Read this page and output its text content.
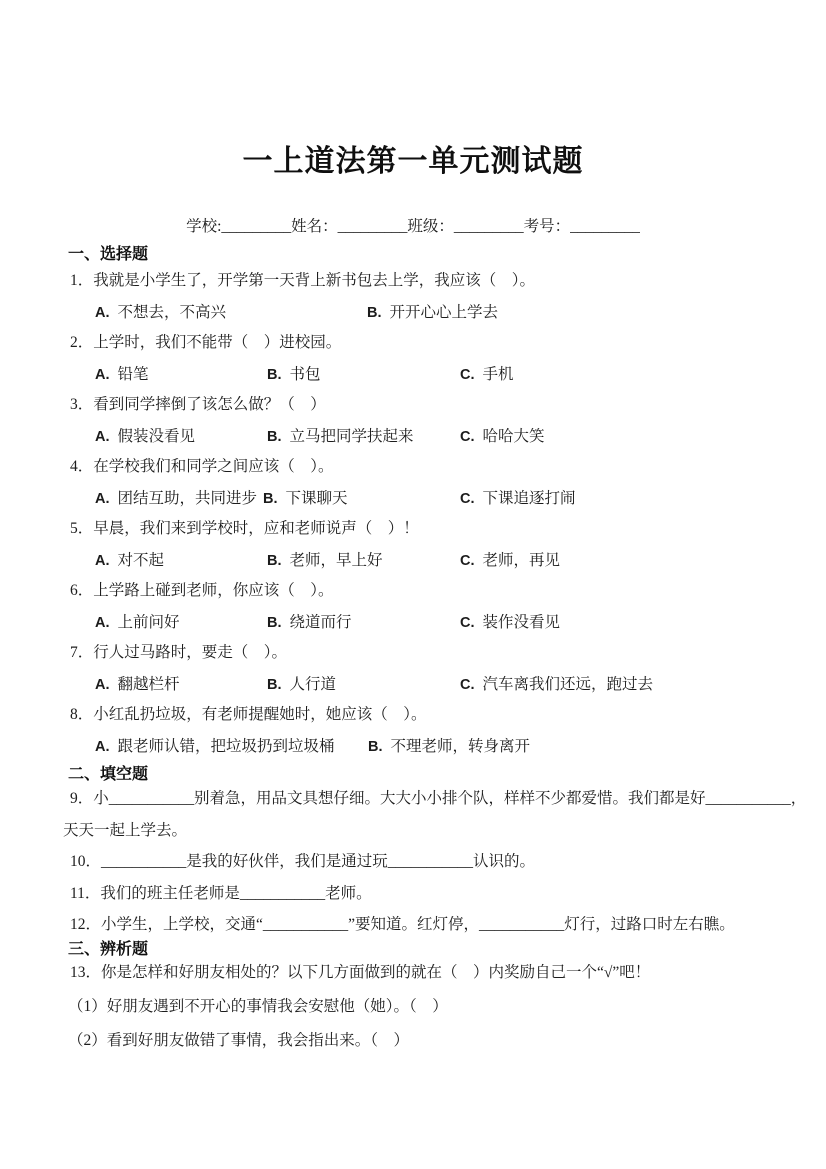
一上道法第一单元测试题
学校:_________姓名：_________班级：_________考号：_________
一、选择题
1．我就是小学生了，开学第一天背上新书包去上学，我应该（　）。

A. 不想去，不高兴

	B. 开开心心上学去

2．上学时，我们不能带（　）进校园。

A. 铅笔

	B. 书包

	C. 手机

3．看到同学摔倒了该怎么做？（　）

A. 假装没看见

	B. 立马把同学扶起来

	C. 哈哈大笑

4．在学校我们和同学之间应该（　）。

A. 团结互助，共同进步

B. 下课聊天

	C. 下课追逐打闹

5．早晨，我们来到学校时，应和老师说声（　）！

A. 对不起

	B. 老师，早上好

	C. 老师，再见

6．上学路上碰到老师，你应该（　）。

A. 上前问好

	B. 绕道而行

	C. 装作没看见

7．行人过马路时，要走（　）。

A. 翻越栏杆

	B. 人行道

	C. 汽车离我们还远，跑过去

8．小红乱扔垃圾，有老师提醒她时，她应该（　）。

A. 跟老师认错，把垃圾扔到垃圾桶

B. 不理老师，转身离开

二、填空题
9．小___________别着急，用品文具想仔细。大大小小排个队，样样不少都爱惜。我们都是好___________，
天天一起上学去。
10．___________是我的好伙伴，我们是通过玩___________认识的。
11．我们的班主任老师是___________老师。
12．小学生，上学校，交通“___________”要知道。红灯停，___________灯行，过路口时左右瞧。
三、辨析题
13．你是怎样和好朋友相处的？以下几方面做到的就在（　）内奖励自己一个“√”吧！
（1）好朋友遇到不开心的事情我会安慰他（她）。（　）
（2）看到好朋友做错了事情，我会指出来。（　）
